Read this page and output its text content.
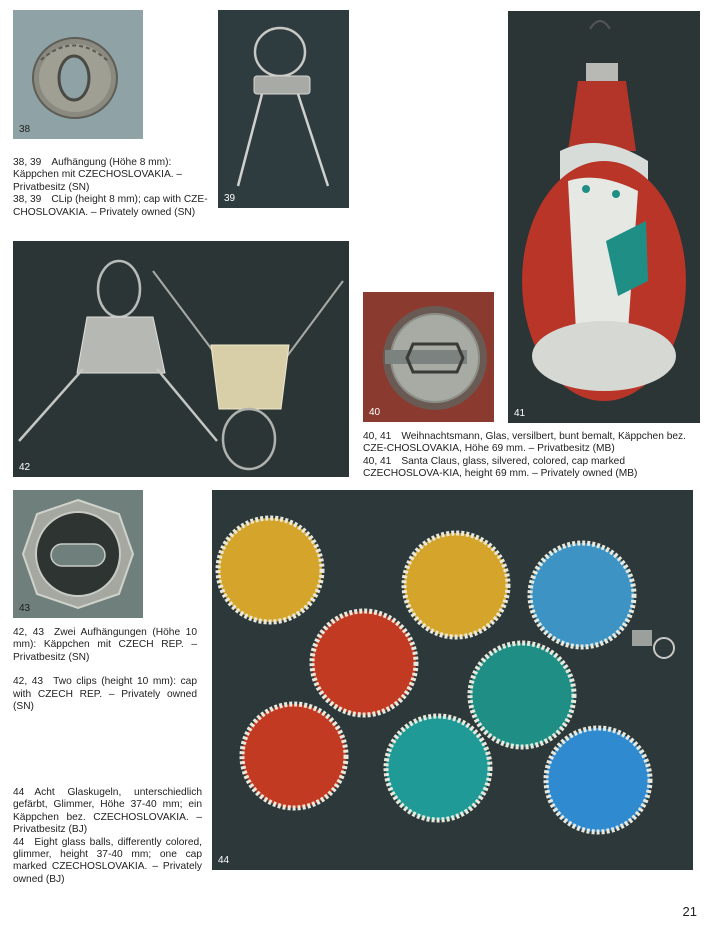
38
39

38, 39 Aufhängung (Höhe 8 mm): Käppchen mit CZECHOSLOVAKIA. – Privatbesitz (SN)

38, 39 CLip (height 8 mm); cap with CZE-CHOSLOVAKIA. – Privately owned (SN)

41
42
40

40, 41 Weihnachtsmann, Glas, versilbert, bunt bemalt, Käppchen bez. CZE-CHOSLOVAKIA, Höhe 69 mm. – Privatbesitz (MB)

40, 41 Santa Claus, glass, silvered, colored, cap marked CZECHOSLOVA-KIA, height 69 mm. – Privately owned (MB)

43

42, 43 Zwei Aufhängungen (Höhe 10 mm): Käppchen mit CZECH REP. – Privatbesitz (SN)

42, 43 Two clips (height 10 mm): cap with CZECH REP. – Privately owned (SN)

44

44 Acht Glaskugeln, unterschiedlich gefärbt, Glimmer, Höhe 37-40 mm; ein Käppchen bez. CZECHOSLOVAKIA. – Privatbesitz (BJ)

44 Eight glass balls, differently colored, glimmer, height 37-40 mm; one cap marked CZECHOSLOVAKIA. – Privately owned (BJ)

21
